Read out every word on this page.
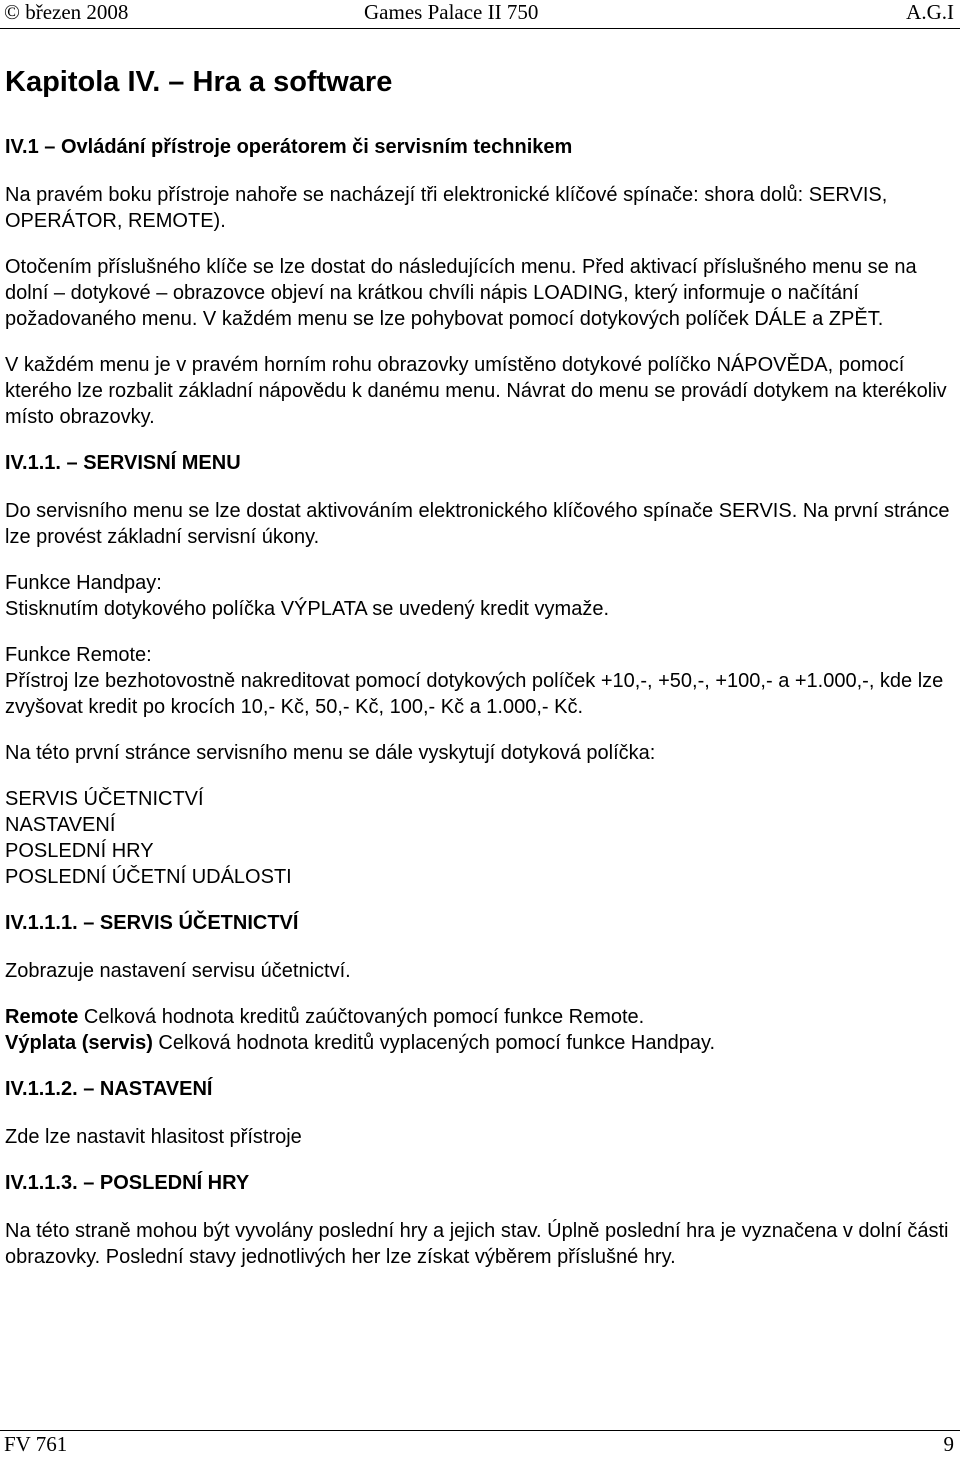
© březen 2008	Games Palace II 750	A.G.I
Kapitola IV. – Hra a software
IV.1 – Ovládání přístroje operátorem či servisním technikem

Na pravém boku přístroje nahoře se nacházejí tři elektronické klíčové spínače: shora dolů: SERVIS, OPERÁTOR, REMOTE).

Otočením příslušného klíče se lze dostat do následujících menu. Před aktivací příslušného menu se na dolní – dotykové – obrazovce objeví na krátkou chvíli nápis LOADING, který informuje o načítání požadovaného menu. V každém menu se lze pohybovat pomocí dotykových políček DÁLE a ZPĚT.

V každém menu je v pravém horním rohu obrazovky umístěno dotykové políčko NÁPOVĚDA, pomocí kterého lze rozbalit základní nápovědu k danému menu. Návrat do menu se provádí dotykem na kterékoliv místo obrazovky.

IV.1.1. – SERVISNÍ MENU

Do servisního menu se lze dostat aktivováním elektronického klíčového spínače SERVIS. Na první stránce lze provést základní servisní úkony.

Funkce Handpay:
Stisknutím dotykového políčka VÝPLATA se uvedený kredit vymaže.
Funkce Remote:
Přístroj lze bezhotovostně nakreditovat pomocí dotykových políček +10,-, +50,-, +100,- a +1.000,-, kde lze zvyšovat kredit po krocích 10,- Kč, 50,- Kč, 100,- Kč a 1.000,- Kč.

Na této první stránce servisního menu se dále vyskytují dotyková políčka:

SERVIS ÚČETNICTVÍ
NASTAVENÍ
POSLEDNÍ HRY
POSLEDNÍ ÚČETNÍ UDÁLOSTI
IV.1.1.1. – SERVIS ÚČETNICTVÍ

Zobrazuje nastavení servisu účetnictví.

Remote Celková hodnota kreditů zaúčtovaných pomocí funkce Remote.
Výplata (servis) Celková hodnota kreditů vyplacených pomocí funkce Handpay.
IV.1.1.2. – NASTAVENÍ

Zde lze nastavit hlasitost přístroje

IV.1.1.3. – POSLEDNÍ HRY

Na této straně mohou být vyvolány poslední hry a jejich stav. Úplně poslední hra je vyznačena v dolní části obrazovky. Poslední stavy jednotlivých her lze získat výběrem příslušné hry.

FV 761	9
